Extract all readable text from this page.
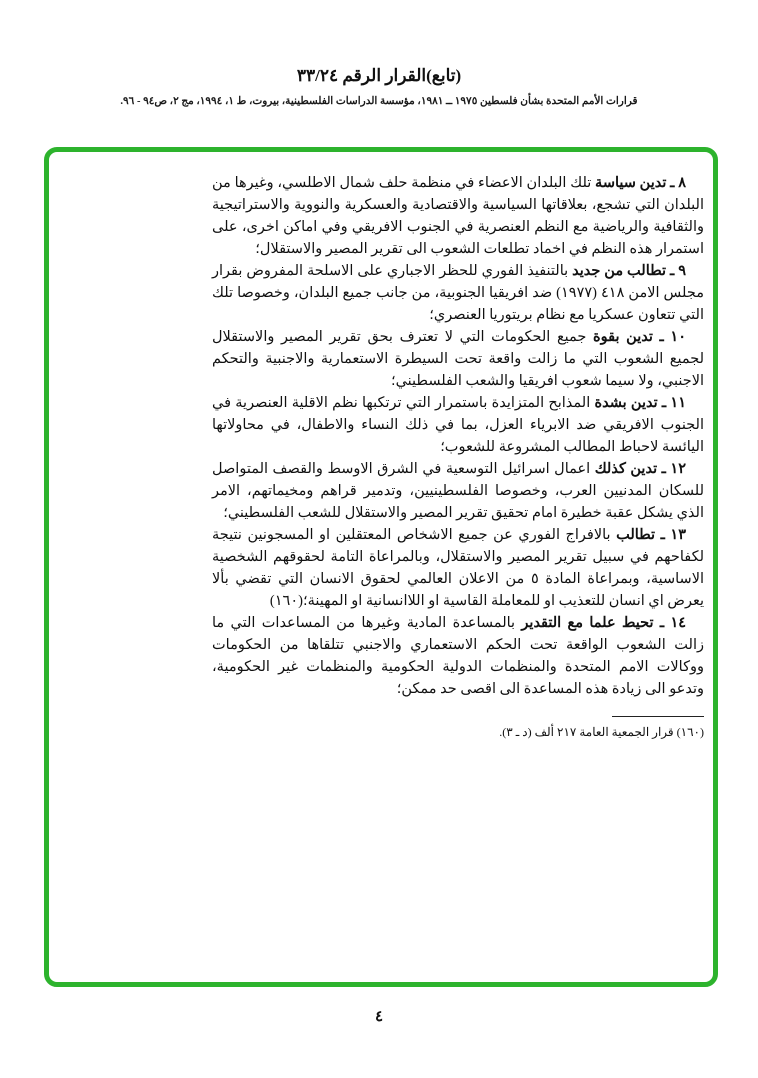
(تابع)القرار الرقم ٣٣/٢٤
قرارات الأمم المتحدة بشأن فلسطين ١٩٧٥ ــ ١٩٨١، مؤسسة الدراسات الفلسطينية، بيروت، ط ١، ١٩٩٤، مج ٢، ص٩٤ - ٩٦.

٨ ـ تدين سياسة تلك البلدان الاعضاء في منظمة حلف شمال الاطلسي، وغيرها من البلدان التي تشجع، بعلاقاتها السياسية والاقتصادية والعسكرية والنووية والاستراتيجية والثقافية والرياضية مع النظم العنصرية في الجنوب الافريقي وفي اماكن اخرى، على استمرار هذه النظم في اخماد تطلعات الشعوب الى تقرير المصير والاستقلال؛

٩ ـ تطالب من جديد بالتنفيذ الفوري للحظر الاجباري على الاسلحة المفروض بقرار مجلس الامن ٤١٨ (١٩٧٧) ضد افريقيا الجنوبية، من جانب جميع البلدان، وخصوصا تلك التي تتعاون عسكريا مع نظام بريتوريا العنصري؛

١٠ ـ تدين بقوة جميع الحكومات التي لا تعترف بحق تقرير المصير والاستقلال لجميع الشعوب التي ما زالت واقعة تحت السيطرة الاستعمارية والاجنبية والتحكم الاجنبي، ولا سيما شعوب افريقيا والشعب الفلسطيني؛

١١ ـ تدين بشدة المذابح المتزايدة باستمرار التي ترتكبها نظم الاقلية العنصرية في الجنوب الافريقي ضد الابرياء العزل، بما في ذلك النساء والاطفال، في محاولاتها اليائسة لاحباط المطالب المشروعة للشعوب؛

١٢ ـ تدين كذلك اعمال اسرائيل التوسعية في الشرق الاوسط والقصف المتواصل للسكان المدنيين العرب، وخصوصا الفلسطينيين، وتدمير قراهم ومخيماتهم، الامر الذي يشكل عقبة خطيرة امام تحقيق تقرير المصير والاستقلال للشعب الفلسطيني؛

١٣ ـ تطالب بالافراج الفوري عن جميع الاشخاص المعتقلين او المسجونين نتيجة لكفاحهم في سبيل تقرير المصير والاستقلال، وبالمراعاة التامة لحقوقهم الشخصية الاساسية، وبمراعاة المادة ٥ من الاعلان العالمي لحقوق الانسان التي تقضي بألا يعرض اي انسان للتعذيب او للمعاملة القاسية او اللاانسانية او المهينة؛(١٦٠)

١٤ ـ تحيط علما مع التقدير بالمساعدة المادية وغيرها من المساعدات التي ما زالت الشعوب الواقعة تحت الحكم الاستعماري والاجنبي تتلقاها من الحكومات ووكالات الامم المتحدة والمنظمات الدولية الحكومية والمنظمات غير الحكومية، وتدعو الى زيادة هذه المساعدة الى اقصى حد ممكن؛

(١٦٠) قرار الجمعية العامة ٢١٧ ألف (د ـ ٣).

٤
